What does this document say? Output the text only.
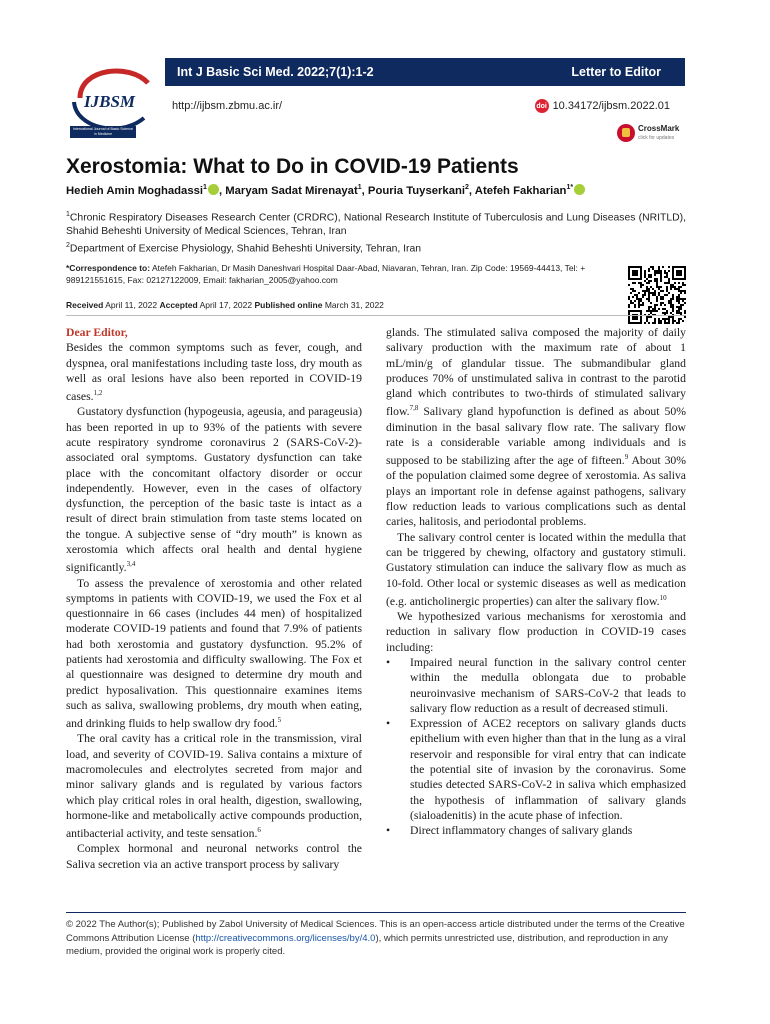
IJBSM
International Journal of Basic Science in Medicine
Int J Basic Sci Med. 2022;7(1):1-2	Letter to Editor
http://ijbsm.zbmu.ac.ir/	doi 10.34172/ijbsm.2022.01
CrossMark
click for updates
Xerostomia: What to Do in COVID-19 Patients
Hedieh Amin Moghadassi$^1$ , Maryam Sadat Mirenayat$^1$, Pouria Tuyserkani$^2$, Atefeh Fakharian$^{1*}$

$^1$Chronic Respiratory Diseases Research Center (CRDRC), National Research Institute of Tuberculosis and Lung Diseases (NRITLD), Shahid Beheshti University of Medical Sciences, Tehran, Iran

$^2$Department of Exercise Physiology, Shahid Beheshti University, Tehran, Iran

*Correspondence to: Atefeh Fakharian, Dr Masih Daneshvari Hospital Daar-Abad, Niavaran, Tehran, Iran. Zip Code: 19569-44413, Tel: + 989121551615, Fax: 02127122009, Email: fakharian_2005@yahoo.com
Received April 11, 2022 Accepted April 17, 2022 Published online March 31, 2022

Dear Editor,

Besides the common symptoms such as fever, cough, and dyspnea, oral manifestations including taste loss, dry mouth as well as oral lesions have also been reported in COVID-19 cases.$^{1,2}$

Gustatory dysfunction (hypogeusia, ageusia, and parageusia) has been reported in up to 93% of the patients with severe acute respiratory syndrome coronavirus 2 (SARS-CoV-2)-associated oral symptoms. Gustatory dysfunction can take place with the concomitant olfactory disorder or occur independently. However, even in the cases of olfactory dysfunction, the perception of the basic taste is intact as a result of direct brain stimulation from taste stems located on the tongue. A subjective sense of “dry mouth” is known as xerostomia which affects oral health and dental hygiene significantly.$^{3,4}$

To assess the prevalence of xerostomia and other related symptoms in patients with COVID-19, we used the Fox et al questionnaire in 66 cases (includes 44 men) of hospitalized moderate COVID-19 patients and found that 7.9% of patients had both xerostomia and gustatory dysfunction. 95.2% of patients had xerostomia and difficulty swallowing. The Fox et al questionnaire was designed to determine dry mouth and predict hyposalivation. This questionnaire examines items such as saliva, swallowing problems, dry mouth when eating, and drinking fluids to help swallow dry food.$^5$

The oral cavity has a critical role in the transmission, viral load, and severity of COVID-19. Saliva contains a mixture of macromolecules and electrolytes secreted from major and minor salivary glands and is regulated by various factors which play critical roles in oral health, digestion, swallowing, hormone-like and metabolically active compounds production, antibacterial activity, and teste sensation.$^6$

Complex hormonal and neuronal networks control the Saliva secretion via an active transport process by salivary

glands. The stimulated saliva composed the majority of daily salivary production with the maximum rate of about 1 mL/min/g of glandular tissue. The submandibular gland produces 70% of unstimulated saliva in contrast to the parotid gland which contributes to two-thirds of stimulated salivary flow.$^{7,8}$ Salivary gland hypofunction is defined as about 50% diminution in the basal salivary flow rate. The salivary flow rate is a considerable variable among individuals and is supposed to be stabilizing after the age of fifteen.$^9$ About 30% of the population claimed some degree of xerostomia. As saliva plays an important role in defense against pathogens, salivary flow reduction leads to various complications such as dental caries, halitosis, and periodontal problems.

The salivary control center is located within the medulla that can be triggered by chewing, olfactory and gustatory stimuli. Gustatory stimulation can induce the salivary flow as much as 10-fold. Other local or systemic diseases as well as medication (e.g. anticholinergic properties) can alter the salivary flow.$^{10}$

We hypothesized various mechanisms for xerostomia and reduction in salivary flow production in COVID-19 cases including:

• Impaired neural function in the salivary control center within the medulla oblongata due to probable neuroinvasive mechanism of SARS-CoV-2 that leads to salivary flow reduction as a result of decreased stimuli.
• Expression of ACE2 receptors on salivary glands ducts epithelium with even higher than that in the lung as a viral reservoir and responsible for viral entry that can indicate the potential site of invasion by the coronavirus. Some studies detected SARS-CoV-2 in saliva which emphasized the hypothesis of inflammation of salivary glands (sialoadenitis) in the acute phase of infection.
• Direct inflammatory changes of salivary glands
© 2022 The Author(s); Published by Zabol University of Medical Sciences. This is an open-access article distributed under the terms of the Creative Commons Attribution License (http://creativecommons.org/licenses/by/4.0), which permits unrestricted use, distribution, and reproduction in any medium, provided the original work is properly cited.
